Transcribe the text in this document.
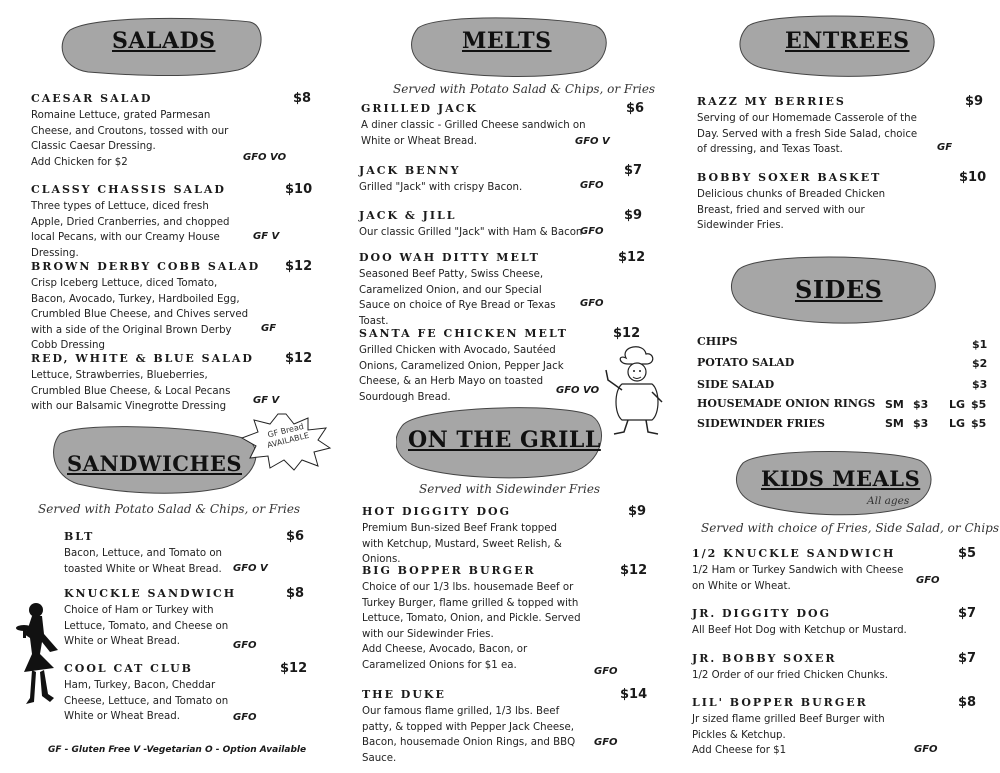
SALADS	MELTS	ENTREES
SANDWICHES
GF Bread AVAILABLE	ON THE GRILL
SIDES
KIDS MEALS
All ages
CAESAR SALAD
Romaine Lettuce, grated Parmesan Cheese, and Croutons, tossed with our Classic Caesar Dressing.
Add Chicken for $2
$8
GFO VO
CLASSY CHASSIS SALAD
Three types of Lettuce, diced fresh Apple, Dried Cranberries, and chopped local Pecans, with our Creamy House Dressing.
$10
GF V
BROWN DERBY COBB SALAD
Crisp Iceberg Lettuce, diced Tomato, Bacon, Avocado, Turkey, Hardboiled Egg, Crumbled Blue Cheese, and Chives served with a side of the Original Brown Derby Cobb Dressing
$12
GF
RED, WHITE & BLUE SALAD
Lettuce, Strawberries, Blueberries, Crumbled Blue Cheese, & Local Pecans with our Balsamic Vinegrotte Dressing
$12
GF V
Served with Potato Salad & Chips, or Fries
BLT
Bacon, Lettuce, and Tomato on toasted White or Wheat Bread.
$6
GFO V
KNUCKLE SANDWICH
Choice of Ham or Turkey with Lettuce, Tomato, and Cheese on White or Wheat Bread.
$8
GFO
COOL CAT CLUB
Ham, Turkey, Bacon, Cheddar Cheese, Lettuce, and Tomato on White or Wheat Bread.
$12
GFO
GF - Gluten Free V -Vegetarian O - Option Available
Served with Potato Salad & Chips, or Fries
GRILLED JACK
A diner classic - Grilled Cheese sandwich on White or Wheat Bread.
$6
GFO V
JACK BENNY
Grilled "Jack" with crispy Bacon.
$7
GFO
JACK & JILL
Our classic Grilled "Jack" with Ham & Bacon
$9
GFO
DOO WAH DITTY MELT
Seasoned Beef Patty, Swiss Cheese, Caramelized Onion, and our Special Sauce on choice of Rye Bread or Texas Toast.
$12
GFO
SANTA FE CHICKEN MELT
Grilled Chicken with Avocado, Sautéed Onions, Caramelized Onion, Pepper Jack Cheese, & an Herb Mayo on toasted Sourdough Bread.
$12
GFO VO
Served with Sidewinder Fries
HOT DIGGITY DOG
Premium Bun-sized Beef Frank topped with Ketchup, Mustard, Sweet Relish, & Onions.
$9
BIG BOPPER BURGER
Choice of our 1/3 lbs. housemade Beef or Turkey Burger, flame grilled & topped with Lettuce, Tomato, Onion, and Pickle. Served with our Sidewinder Fries.
Add Cheese, Avocado, Bacon, or Caramelized Onions for $1 ea.
$12
GFO
THE DUKE
Our famous flame grilled, 1/3 lbs. Beef patty, & topped with Pepper Jack Cheese, Bacon, housemade Onion Rings, and BBQ Sauce.
$14
GFO
RAZZ MY BERRIES
Serving of our Homemade Casserole of the Day. Served with a fresh Side Salad, choice of dressing, and Texas Toast.
$9
GF
BOBBY SOXER BASKET
Delicious chunks of Breaded Chicken Breast, fried and served with our Sidewinder Fries.
$10
CHIPS	$1
POTATO SALAD	$2
SIDE SALAD	$3
HOUSEMADE ONION RINGS SM $3 LG $5
SIDEWINDER FRIES	SM $3 LG $5
Served with choice of Fries, Side Salad, or Chips
1/2 KNUCKLE SANDWICH
1/2 Ham or Turkey Sandwich with Cheese on White or Wheat.
$5
GFO
JR. DIGGITY DOG
All Beef Hot Dog with Ketchup or Mustard.
$7
JR. BOBBY SOXER
1/2 Order of our fried Chicken Chunks.
$7
LIL' BOPPER BURGER
Jr sized flame grilled Beef Burger with Pickles & Ketchup.
Add Cheese for $1
$8
GFO
